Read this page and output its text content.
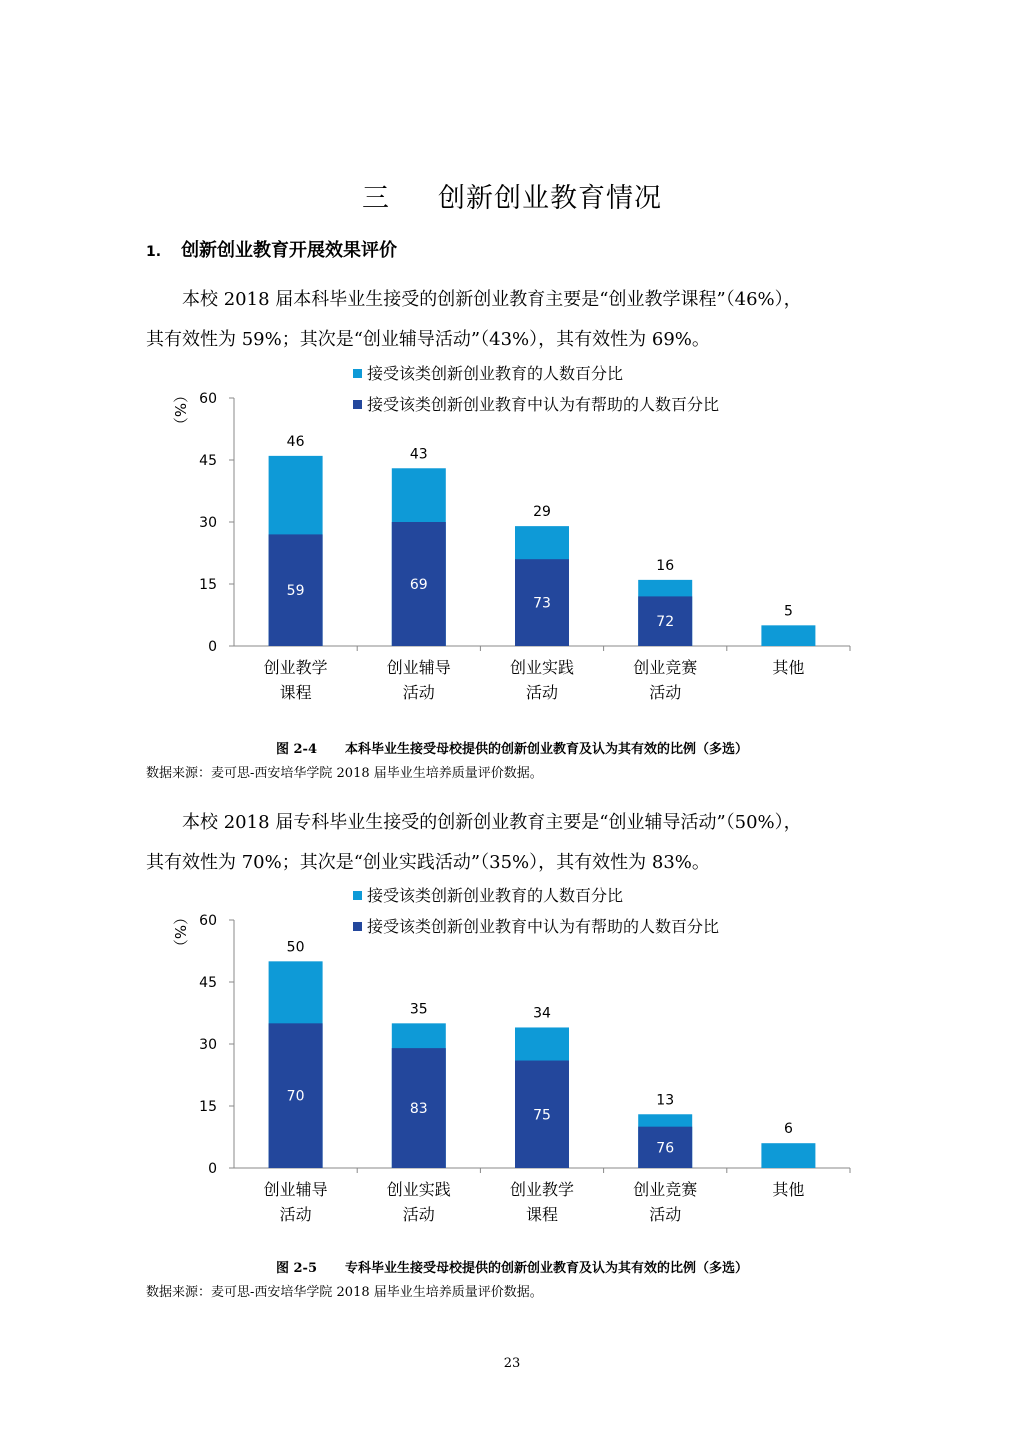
三 创新创业教育情况
1. 创新创业教育开展效果评价
本校 2018 届本科毕业生接受的创新创业教育主要是“创业教学课程”（46%），
其有效性为 59%；其次是“创业辅导活动”（43%），其有效性为 69%。
接受该类创新创业教育的人数百分比
接受该类创新创业教育中认为有帮助的人数百分比
（%）
0
15
30
45
60
46
59
创业教学
课程
43
69
创业辅导
活动
29
73
创业实践
活动
16
72
创业竞赛
活动
5
其他
图 2-4 本科毕业生接受母校提供的创新创业教育及认为其有效的比例（多选）
数据来源：麦可思-西安培华学院 2018 届毕业生培养质量评价数据。
本校 2018 届专科毕业生接受的创新创业教育主要是“创业辅导活动”（50%），
其有效性为 70%；其次是“创业实践活动”（35%），其有效性为 83%。
接受该类创新创业教育的人数百分比
接受该类创新创业教育中认为有帮助的人数百分比
（%）
0
15
30
45
60
50
70
创业辅导
活动
35
83
创业实践
活动
34
75
创业教学
课程
13
76
创业竞赛
活动
6
其他
图 2-5 专科毕业生接受母校提供的创新创业教育及认为其有效的比例（多选）
数据来源：麦可思-西安培华学院 2018 届毕业生培养质量评价数据。
23
